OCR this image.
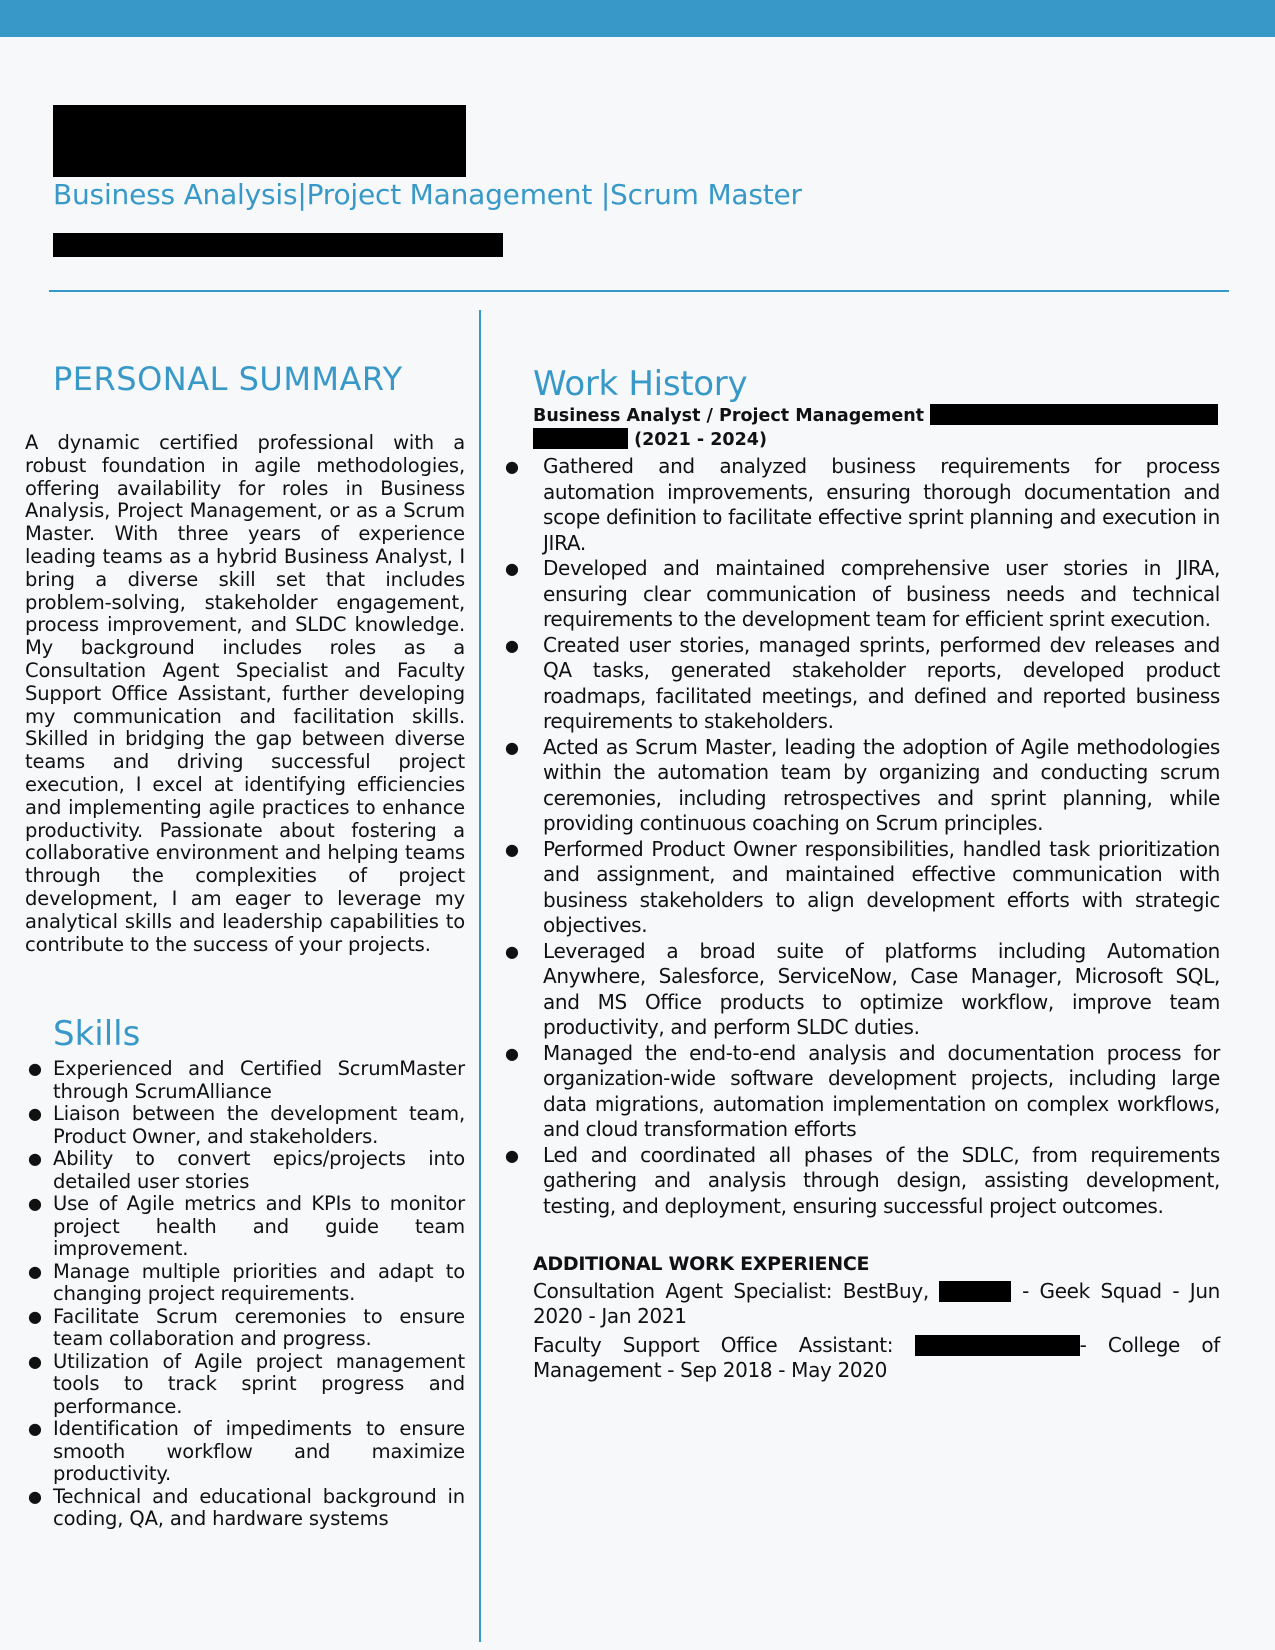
Business Analysis|Project Management |Scrum Master
PERSONAL SUMMARY

A dynamic certified professional with a robust foundation in agile methodologies, offering availability for roles in Business Analysis, Project Management, or as a Scrum Master. With three years of experience leading teams as a hybrid Business Analyst, I bring a diverse skill set that includes problem-solving, stakeholder engagement, process improvement, and SLDC knowledge. My background includes roles as a Consultation Agent Specialist and Faculty Support Office Assistant, further developing my communication and facilitation skills. Skilled in bridging the gap between diverse teams and driving successful project execution, I excel at identifying efficiencies and implementing agile practices to enhance productivity. Passionate about fostering a collaborative environment and helping teams through the complexities of project development, I am eager to leverage my analytical skills and leadership capabilities to contribute to the success of your projects.

Skills
● Experienced and Certified ScrumMaster through ScrumAlliance
● Liaison between the development team, Product Owner, and stakeholders.
● Ability to convert epics/projects into detailed user stories
● Use of Agile metrics and KPIs to monitor project health and guide team improvement.
● Manage multiple priorities and adapt to changing project requirements.
● Facilitate Scrum ceremonies to ensure team collaboration and progress.
● Utilization of Agile project management tools to track sprint progress and performance.
● Identification of impediments to ensure smooth workflow and maximize productivity.
● Technical and educational background in coding, QA, and hardware systems
Work History
Business Analyst / Project Management
(2021 - 2024)
● Gathered and analyzed business requirements for process automation improvements, ensuring thorough documentation and scope definition to facilitate effective sprint planning and execution in JIRA.
● Developed and maintained comprehensive user stories in JIRA, ensuring clear communication of business needs and technical requirements to the development team for efficient sprint execution.
● Created user stories, managed sprints, performed dev releases and QA tasks, generated stakeholder reports, developed product roadmaps, facilitated meetings, and defined and reported business requirements to stakeholders.
● Acted as Scrum Master, leading the adoption of Agile methodologies within the automation team by organizing and conducting scrum ceremonies, including retrospectives and sprint planning, while providing continuous coaching on Scrum principles.
● Performed Product Owner responsibilities, handled task prioritization and assignment, and maintained effective communication with business stakeholders to align development efforts with strategic objectives.
● Leveraged a broad suite of platforms including Automation Anywhere, Salesforce, ServiceNow, Case Manager, Microsoft SQL, and MS Office products to optimize workflow, improve team productivity, and perform SLDC duties.
● Managed the end-to-end analysis and documentation process for organization-wide software development projects, including large data migrations, automation implementation on complex workflows, and cloud transformation efforts
● Led and coordinated all phases of the SDLC, from requirements gathering and analysis through design, assisting development, testing, and deployment, ensuring successful project outcomes.
ADDITIONAL WORK EXPERIENCE
Consultation Agent Specialist: BestBuy,	- Geek Squad - Jun 2020 - Jan 2021
Faculty Support Office Assistant:	- College of Management - Sep 2018 - May 2020
